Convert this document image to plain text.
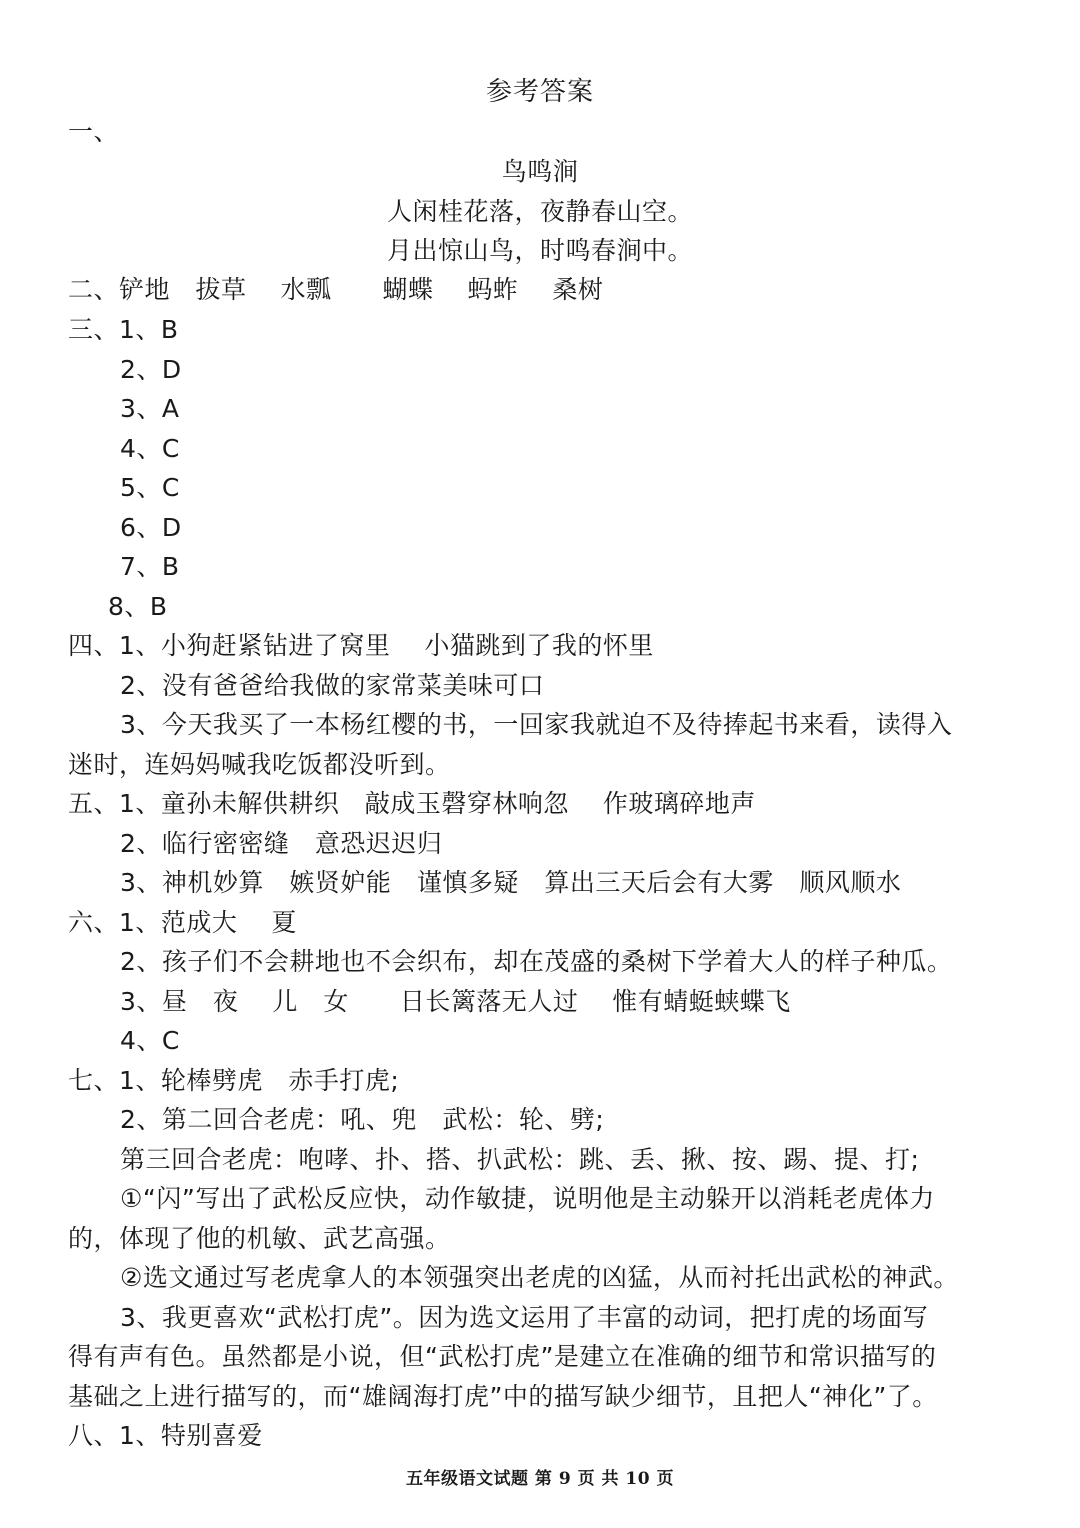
参考答案
一、
鸟鸣涧
人闲桂花落，夜静春山空。
月出惊山鸟，时鸣春涧中。
二、铲地　拔草　 水瓢　　蝴蝶　 蚂蚱　 桑树
三、1、B
2、D
3、A
4、C
5、C
6、D
7、B
8、B
四、1、小狗赶紧钻进了窝里　 小猫跳到了我的怀里
2、没有爸爸给我做的家常菜美味可口
3、今天我买了一本杨红樱的书，一回家我就迫不及待捧起书来看，读得入
迷时，连妈妈喊我吃饭都没听到。
五、1、童孙未解供耕织　敲成玉磬穿林响忽　 作玻璃碎地声
2、临行密密缝　意恐迟迟归
3、神机妙算　嫉贤妒能　谨慎多疑　算出三天后会有大雾　顺风顺水
六、1、范成大　 夏
2、孩子们不会耕地也不会织布，却在茂盛的桑树下学着大人的样子种瓜。
3、昼　夜　 儿　女　　日长篱落无人过　 惟有蜻蜓蛱蝶飞
4、C
七、1、轮棒劈虎　赤手打虎;
2、第二回合老虎：吼、兜　武松：轮、劈;
第三回合老虎：咆哮、扑、搭、扒武松：跳、丢、揪、按、踢、提、打;
①“闪”写出了武松反应快，动作敏捷，说明他是主动躲开以消耗老虎体力
的，体现了他的机敏、武艺高强。
②选文通过写老虎拿人的本领强突出老虎的凶猛，从而衬托出武松的神武。
3、我更喜欢“武松打虎”。因为选文运用了丰富的动词，把打虎的场面写
得有声有色。虽然都是小说，但“武松打虎”是建立在准确的细节和常识描写的
基础之上进行描写的，而“雄阔海打虎”中的描写缺少细节，且把人“神化”了。
八、1、特别喜爱
五年级语文试题 第 9 页 共 10 页
